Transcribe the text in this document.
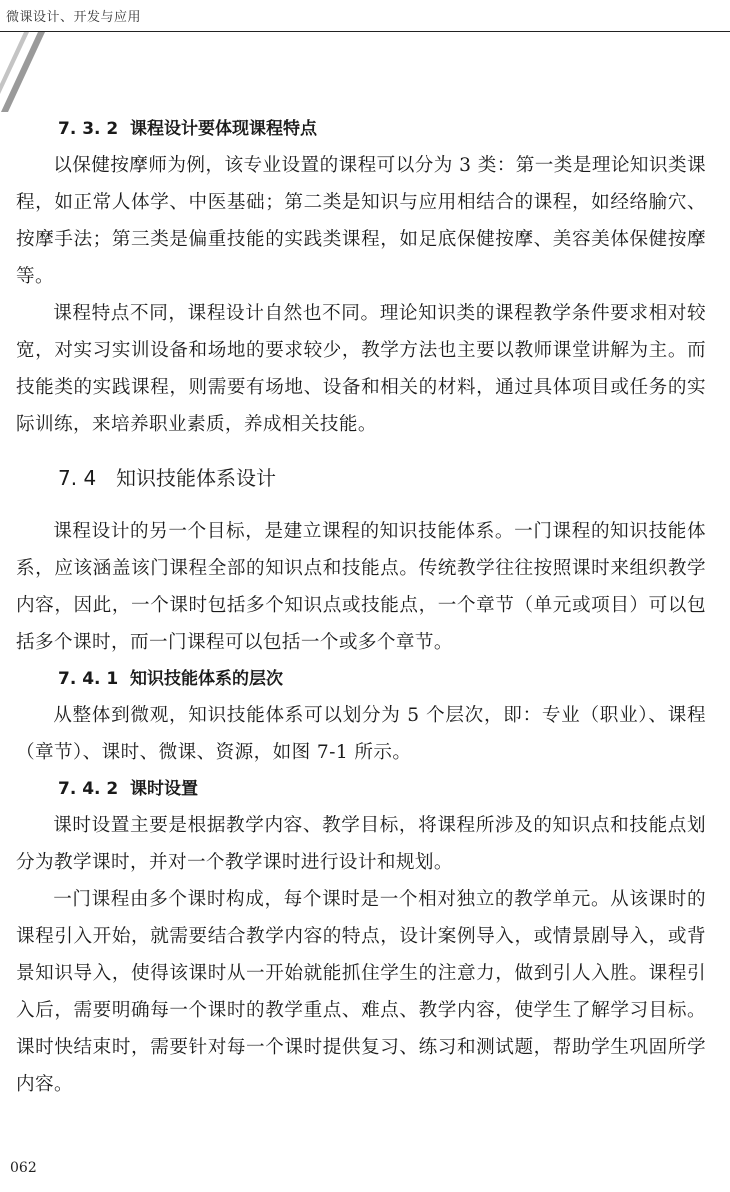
微课设计、开发与应用
7. 3. 2 课程设计要体现课程特点

以保健按摩师为例，该专业设置的课程可以分为 3 类：第一类是理论知识类课程，如正常人体学、中医基础；第二类是知识与应用相结合的课程，如经络腧穴、按摩手法；第三类是偏重技能的实践类课程，如足底保健按摩、美容美体保健按摩等。

课程特点不同，课程设计自然也不同。理论知识类的课程教学条件要求相对较宽，对实习实训设备和场地的要求较少，教学方法也主要以教师课堂讲解为主。而技能类的实践课程，则需要有场地、设备和相关的材料，通过具体项目或任务的实际训练，来培养职业素质，养成相关技能。

7. 4 知识技能体系设计

课程设计的另一个目标，是建立课程的知识技能体系。一门课程的知识技能体系，应该涵盖该门课程全部的知识点和技能点。传统教学往往按照课时来组织教学内容，因此，一个课时包括多个知识点或技能点，一个章节（单元或项目）可以包括多个课时，而一门课程可以包括一个或多个章节。

7. 4. 1 知识技能体系的层次

从整体到微观，知识技能体系可以划分为 5 个层次，即：专业（职业）、课程（章节）、课时、微课、资源，如图 7-1 所示。

7. 4. 2 课时设置

课时设置主要是根据教学内容、教学目标，将课程所涉及的知识点和技能点划分为教学课时，并对一个教学课时进行设计和规划。

一门课程由多个课时构成，每个课时是一个相对独立的教学单元。从该课时的课程引入开始，就需要结合教学内容的特点，设计案例导入，或情景剧导入，或背景知识导入，使得该课时从一开始就能抓住学生的注意力，做到引人入胜。课程引入后，需要明确每一个课时的教学重点、难点、教学内容，使学生了解学习目标。课时快结束时，需要针对每一个课时提供复习、练习和测试题，帮助学生巩固所学内容。

062
